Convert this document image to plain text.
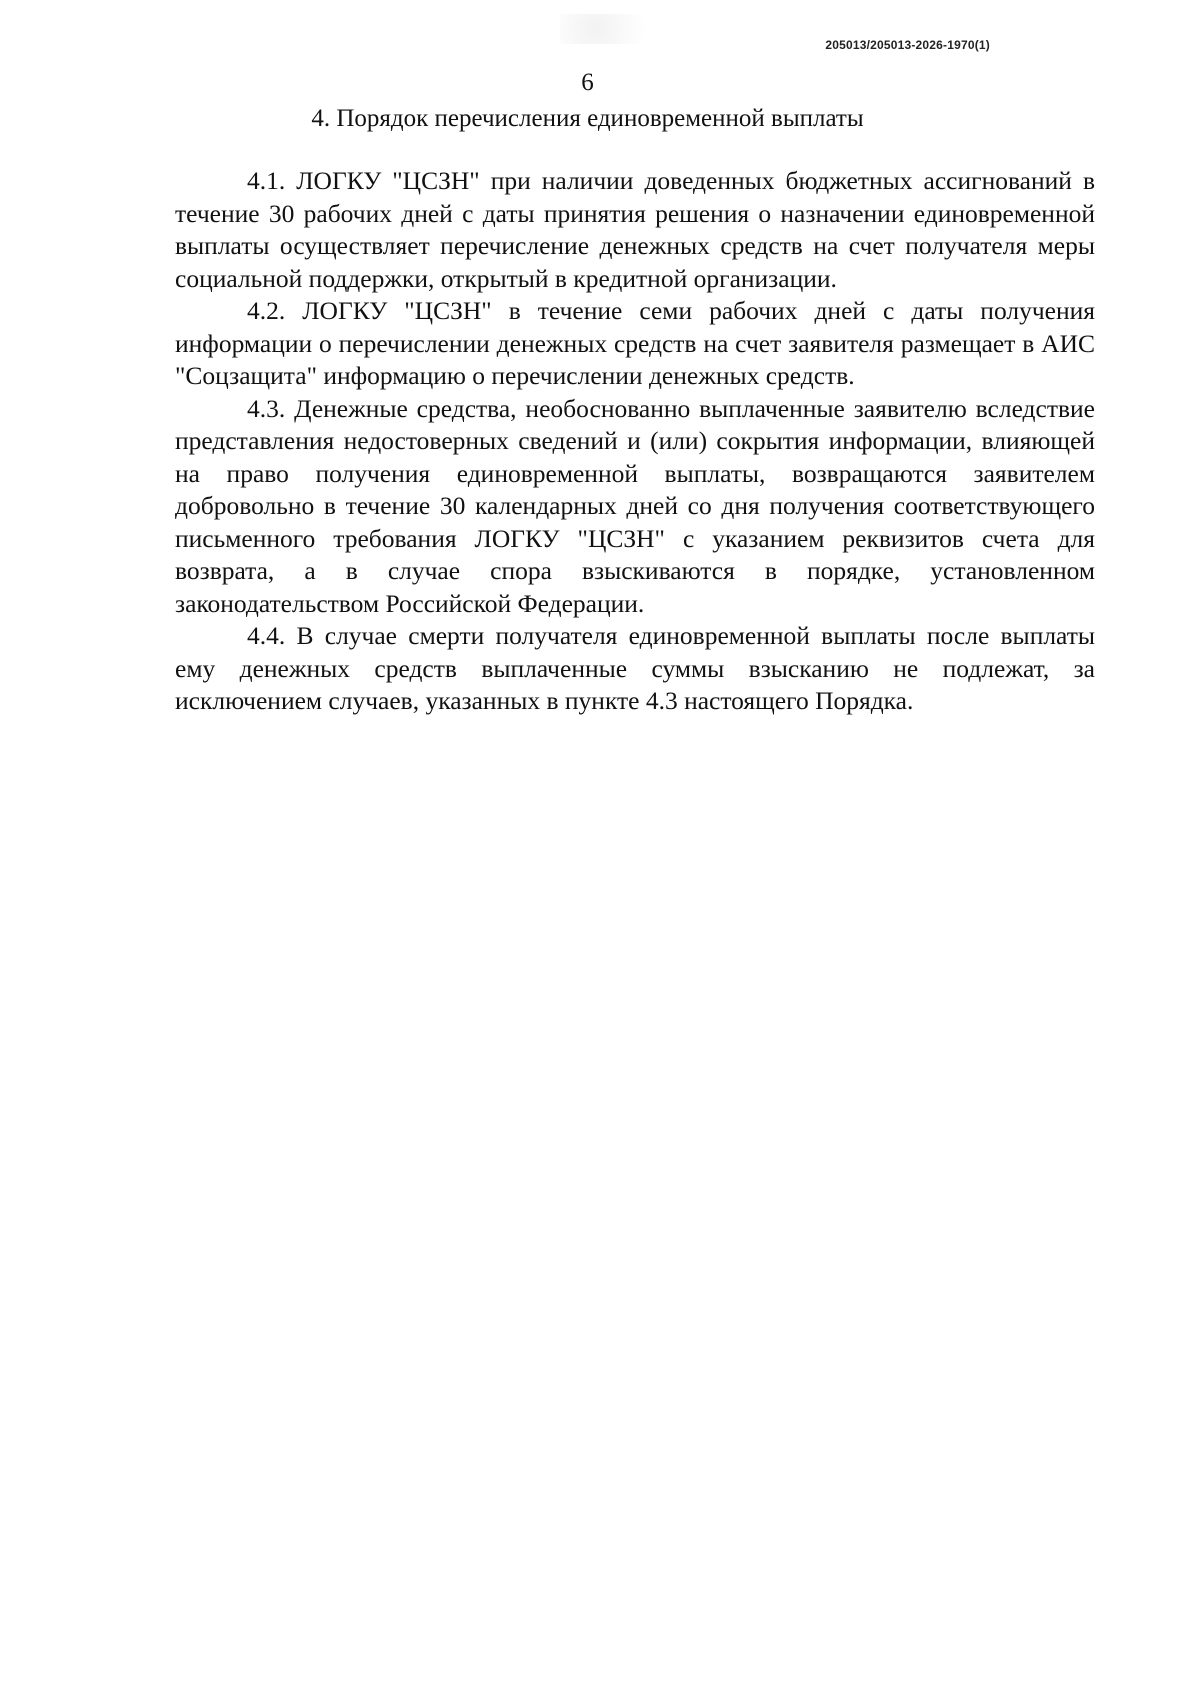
205013/205013-2026-1970(1)
6
4. Порядок перечисления единовременной выплаты

4.1. ЛОГКУ "ЦСЗН" при наличии доведенных бюджетных ассигнований в течение 30 рабочих дней с даты принятия решения о назначении единовременной выплаты осуществляет перечисление денежных средств на счет получателя меры социальной поддержки, открытый в кредитной организации.

4.2. ЛОГКУ "ЦСЗН" в течение семи рабочих дней с даты получения информации о перечислении денежных средств на счет заявителя размещает в АИС "Соцзащита" информацию о перечислении денежных средств.

4.3. Денежные средства, необоснованно выплаченные заявителю вследствие представления недостоверных сведений и (или) сокрытия информации, влияющей на право получения единовременной выплаты, возвращаются заявителем добровольно в течение 30 календарных дней со дня получения соответствующего письменного требования ЛОГКУ "ЦСЗН" с указанием реквизитов счета для возврата, а в случае спора взыскиваются в порядке, установленном законодательством Российской Федерации.

4.4. В случае смерти получателя единовременной выплаты после выплаты ему денежных средств выплаченные суммы взысканию не подлежат, за исключением случаев, указанных в пункте 4.3 настоящего Порядка.
